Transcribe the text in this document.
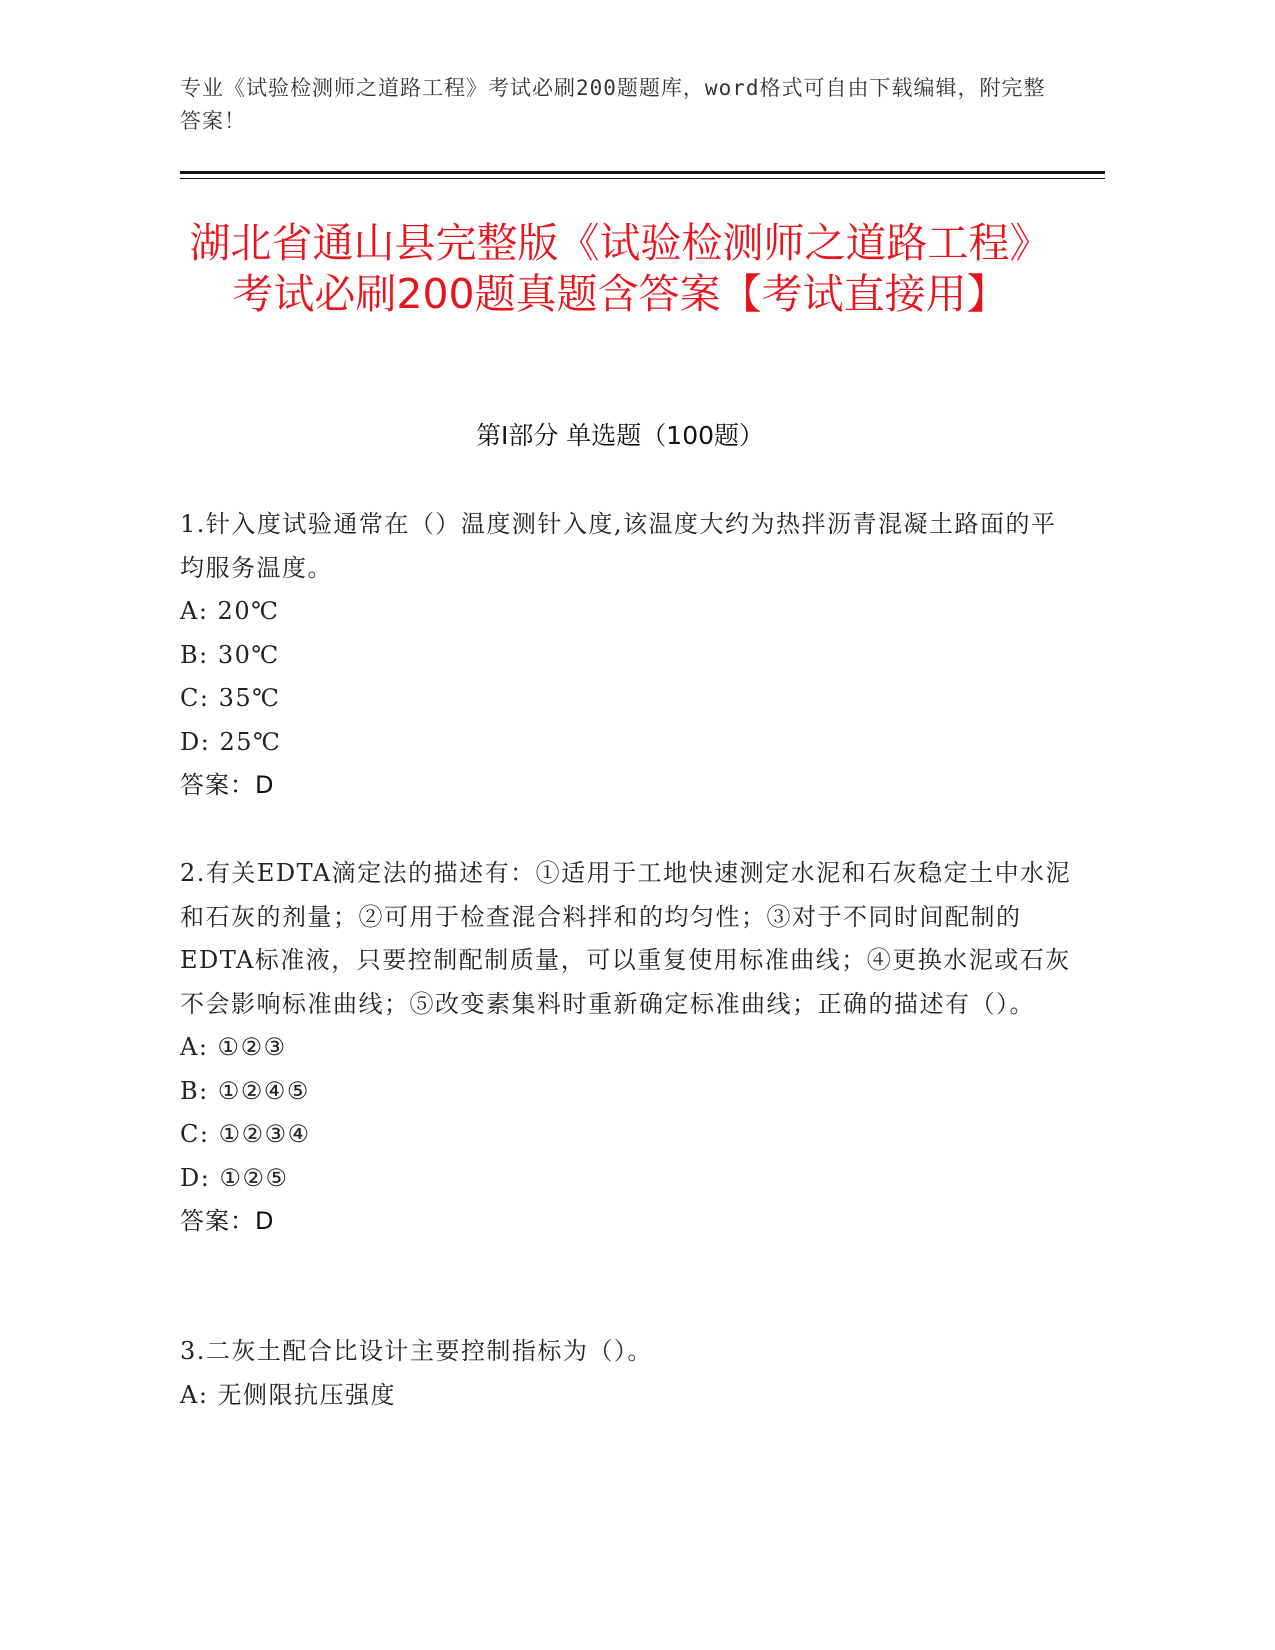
专业《试验检测师之道路工程》考试必刷200题题库，word格式可自由下载编辑，附完整答案！
湖北省通山县完整版《试验检测师之道路工程》考试必刷200题真题含答案【考试直接用】
第I部分 单选题（100题）

1.针入度试验通常在（）温度测针入度,该温度大约为热拌沥青混凝土路面的平均服务温度。

A: 20℃

B: 30℃

C: 35℃

D: 25℃

答案：D

2.有关EDTA滴定法的描述有：①适用于工地快速测定水泥和石灰稳定土中水泥和石灰的剂量；②可用于检查混合料拌和的均匀性；③对于不同时间配制的EDTA标准液，只要控制配制质量，可以重复使用标准曲线；④更换水泥或石灰不会影响标准曲线；⑤改变素集料时重新确定标准曲线；正确的描述有（）。

A: ①②③

B: ①②④⑤

C: ①②③④

D: ①②⑤

答案：D

3.二灰土配合比设计主要控制指标为（）。

A: 无侧限抗压强度
